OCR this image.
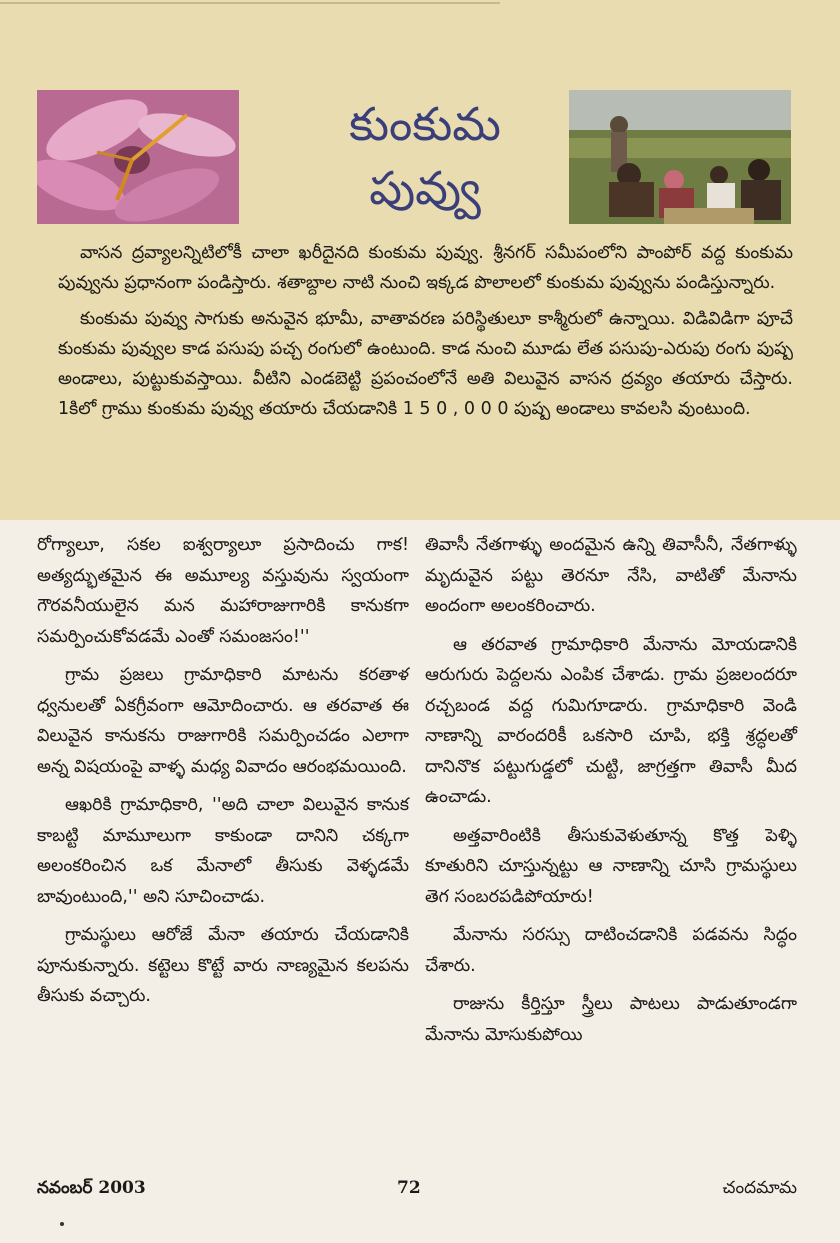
కుంకుమ
పువ్వు

వాసన ద్రవ్యాలన్నిటిలోకీ చాలా ఖరీదైనది కుంకుమ పువ్వు. శ్రీనగర్ సమీపంలోని పాంపోర్ వద్ద కుంకుమ పువ్వును ప్రధానంగా పండిస్తారు. శతాబ్దాల నాటి నుంచి ఇక్కడ పొలాలలో కుంకుమ పువ్వును పండిస్తున్నారు.

కుంకుమ పువ్వు సాగుకు అనువైన భూమీ, వాతావరణ పరిస్థితులూ కాశ్మీరులో ఉన్నాయి. విడివిడిగా పూచే కుంకుమ పువ్వుల కాడ పసుపు పచ్చ రంగులో ఉంటుంది. కాడ నుంచి మూడు లేత పసుపు-ఎరుపు రంగు పుష్ప అండాలు, పుట్టుకువస్తాయి. వీటిని ఎండబెట్టి ప్రపంచంలోనే అతి విలువైన వాసన ద్రవ్యం తయారు చేస్తారు. 1కిలో గ్రాము కుంకుమ పువ్వు తయారు చేయడానికి 1 5 0 , 0 0 0 పుష్ప అండాలు కావలసి వుంటుంది.

రోగ్యాలూ, సకల ఐశ్వర్యాలూ ప్రసాదించు గాక! అత్యద్భుతమైన ఈ అమూల్య వస్తువును స్వయంగా గౌరవనీయులైన మన మహారాజుగారికి కానుకగా సమర్పించుకోవడమే ఎంతో సమంజసం!''

గ్రామ ప్రజలు గ్రామాధికారి మాటను కరతాళ ధ్వనులతో ఏకగ్రీవంగా ఆమోదించారు. ఆ తరవాత ఈ విలువైన కానుకను రాజుగారికి సమర్పించడం ఎలాగా అన్న విషయంపై వాళ్ళ మధ్య వివాదం ఆరంభమయింది.

ఆఖరికి గ్రామాధికారి, ''అది చాలా విలువైన కానుక కాబట్టి మామూలుగా కాకుండా దానిని చక్కగా అలంకరించిన ఒక మేనాలో తీసుకు వెళ్ళడమే బావుంటుంది,'' అని సూచించాడు.

గ్రామస్థులు ఆరోజే మేనా తయారు చేయడానికి పూనుకున్నారు. కట్టెలు కొట్టే వారు నాణ్యమైన కలపను తీసుకు వచ్చారు.

తివాసీ నేతగాళ్ళు అందమైన ఉన్ని తివాసీనీ, నేతగాళ్ళు మృదువైన పట్టు తెరనూ నేసి, వాటితో మేనాను అందంగా అలంకరించారు.

ఆ తరవాత గ్రామాధికారి మేనాను మోయడానికి ఆరుగురు పెద్దలను ఎంపిక చేశాడు. గ్రామ ప్రజలందరూ రచ్చబండ వద్ద గుమిగూడారు. గ్రామాధికారి వెండి నాణాన్ని వారందరికీ ఒకసారి చూపి, భక్తి శ్రద్ధలతో దానినొక పట్టుగుడ్డలో చుట్టి, జాగ్రత్తగా తివాసీ మీద ఉంచాడు.

అత్తవారింటికి తీసుకువెళుతూన్న కొత్త పెళ్ళి కూతురిని చూస్తున్నట్టు ఆ నాణాన్ని చూసి గ్రామస్థులు తెగ సంబరపడిపోయారు!

మేనాను సరస్సు దాటించడానికి పడవను సిద్ధం చేశారు.

రాజును కీర్తిస్తూ స్త్రీలు పాటలు పాడుతూండగా మేనాను మోసుకుపోయి

నవంబర్ 2003	72	చందమామ
